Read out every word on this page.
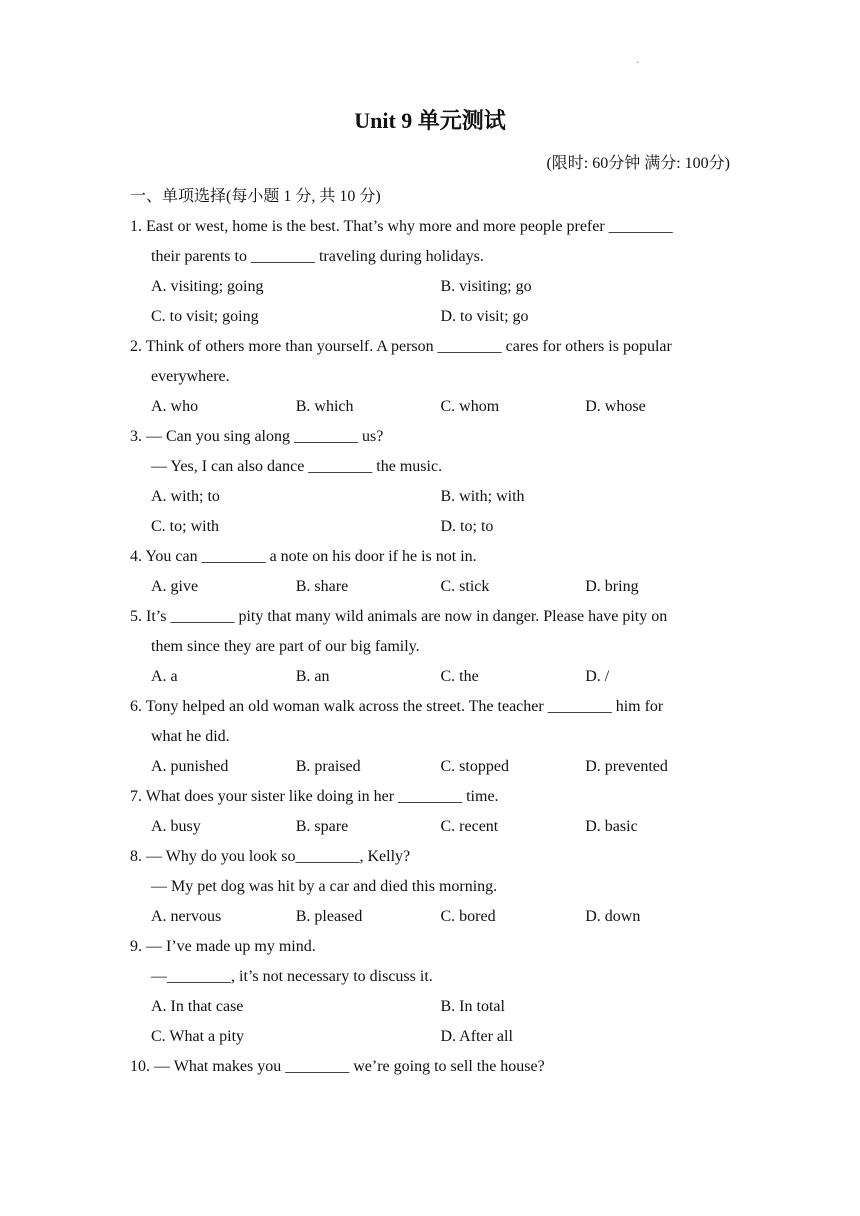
·
Unit 9 单元测试
(限时: 60分钟 满分: 100分)
一、单项选择(每小题 1 分, 共 10 分)
1. East or west, home is the best. That’s why more and more people prefer ________
their parents to ________ traveling during holidays.
A. visiting; going	B. visiting; go
C. to visit; going	D. to visit; go
2. Think of others more than yourself. A person ________ cares for others is popular
everywhere.
A. who	B. which	C. whom	D. whose
3. — Can you sing along ________ us?
— Yes, I can also dance ________ the music.
A. with; to	B. with; with
C. to; with	D. to; to
4. You can ________ a note on his door if he is not in.
A. give	B. share	C. stick	D. bring
5. It’s ________ pity that many wild animals are now in danger. Please have pity on
them since they are part of our big family.
A. a	B. an	C. the	D. /
6. Tony helped an old woman walk across the street. The teacher ________ him for
what he did.
A. punished	B. praised	C. stopped	D. prevented
7. What does your sister like doing in her ________ time.
A. busy	B. spare	C. recent	D. basic
8. — Why do you look so________, Kelly?
— My pet dog was hit by a car and died this morning.
A. nervous	B. pleased	C. bored	D. down
9. — I’ve made up my mind.
—________, it’s not necessary to discuss it.
A. In that case	B. In total
C. What a pity	D. After all
10. — What makes you ________ we’re going to sell the house?
